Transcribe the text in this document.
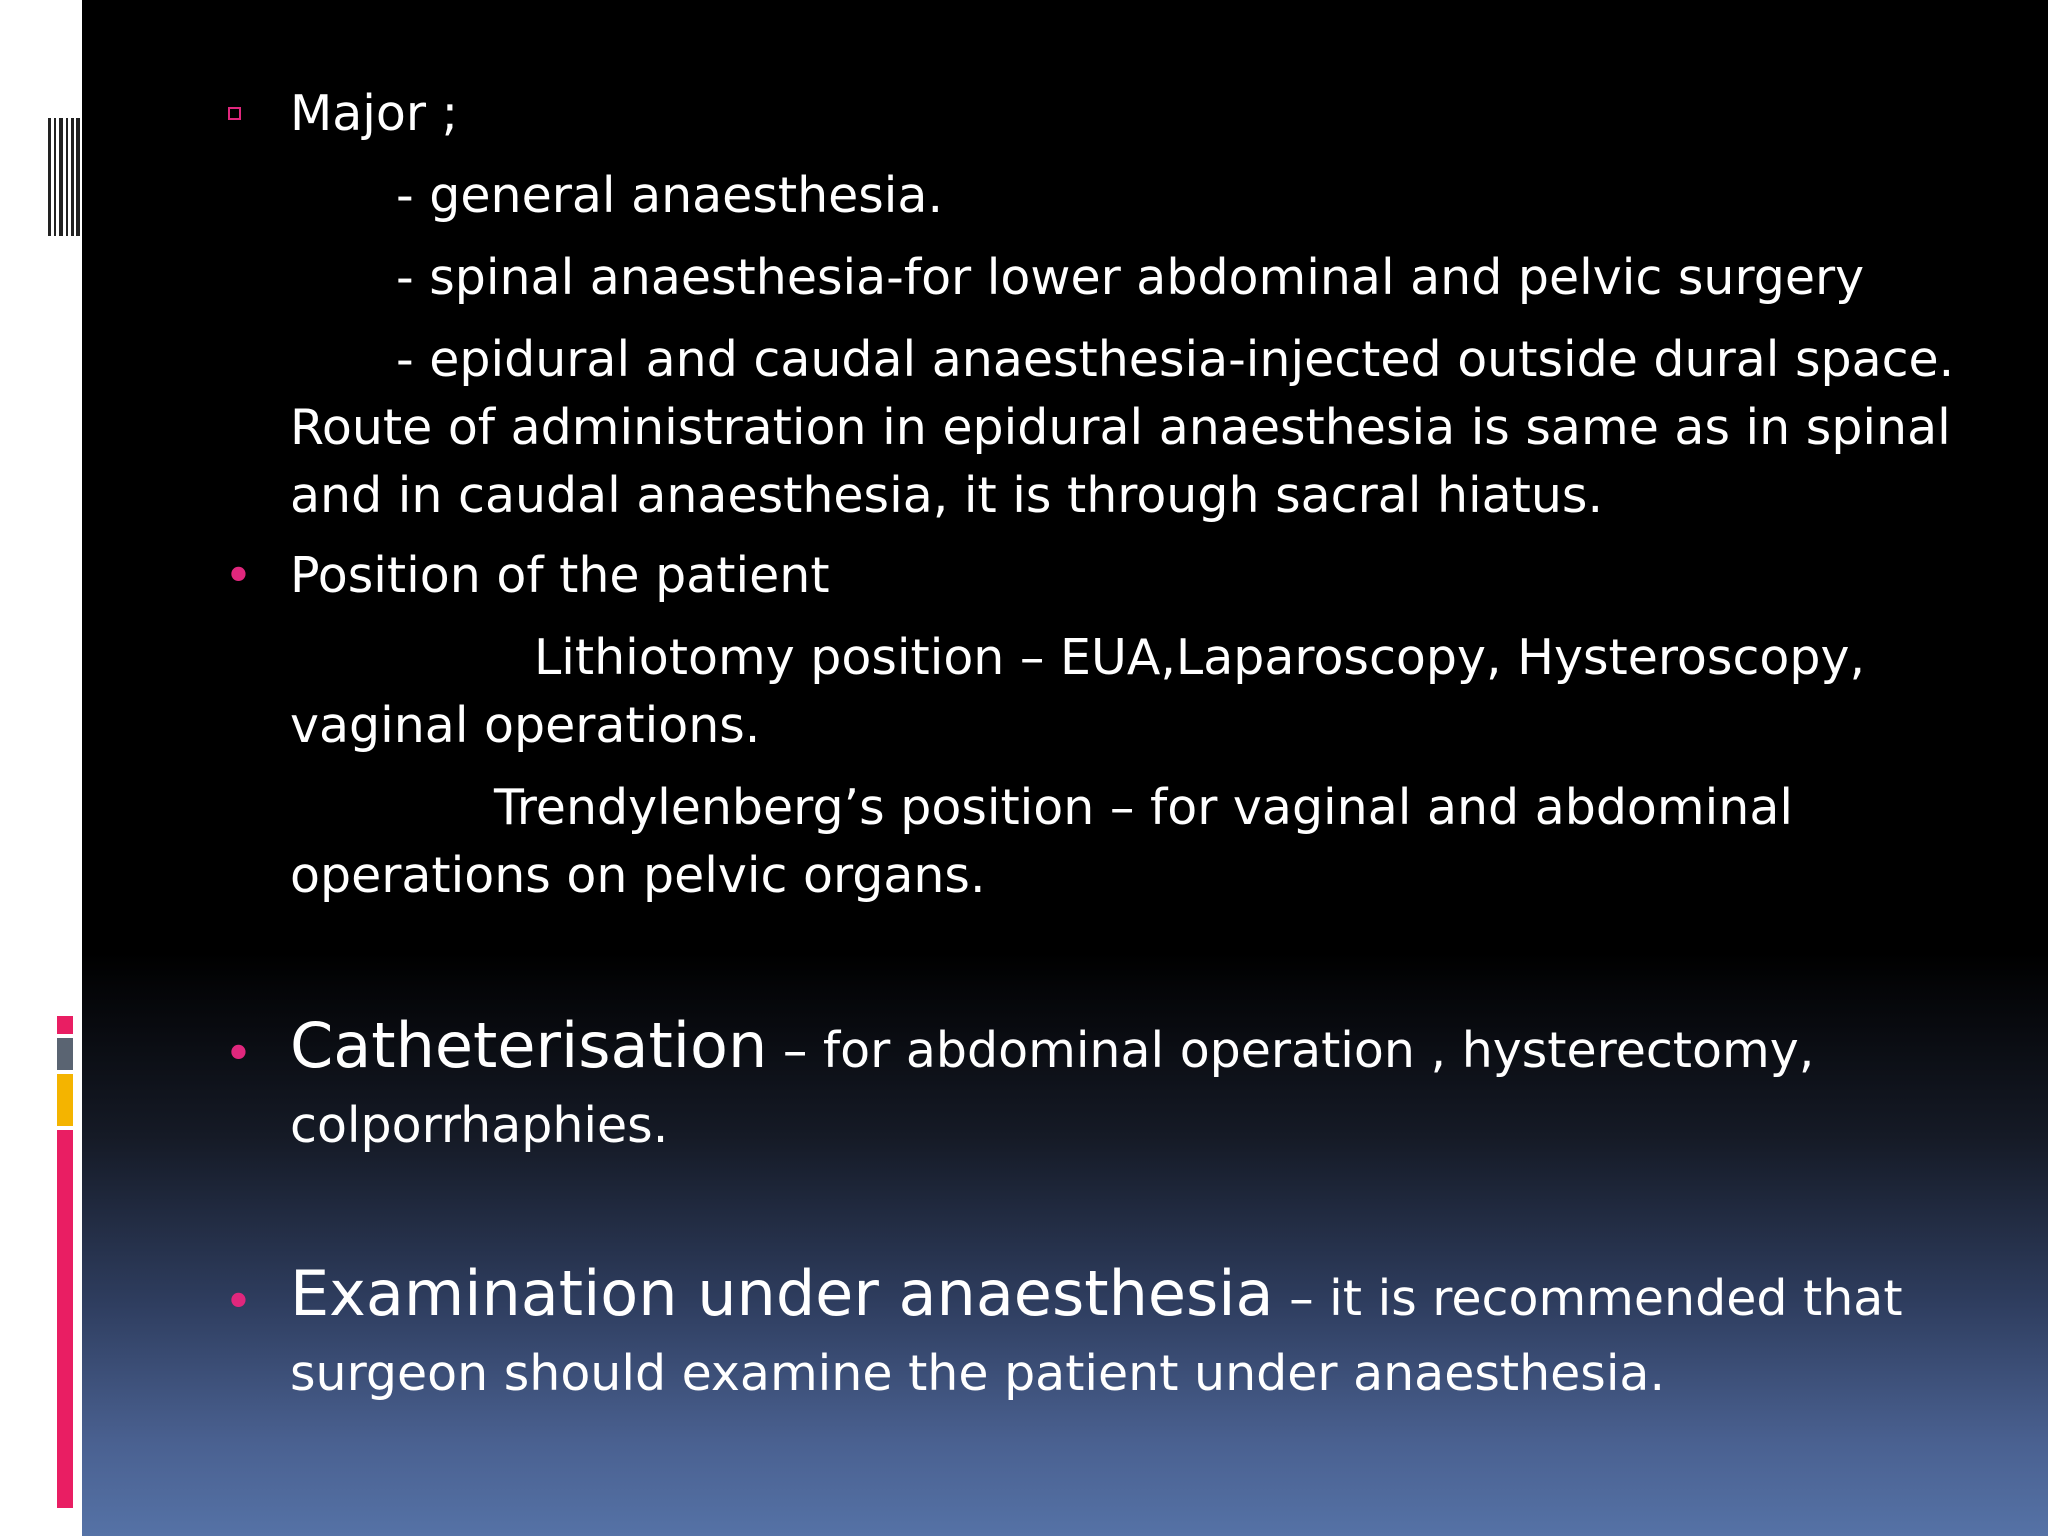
Major ;
- general anaesthesia.
- spinal anaesthesia-for lower abdominal and pelvic surgery
- epidural and caudal anaesthesia-injected outside dural space.
Route of administration in epidural anaesthesia is same as in spinal
and in caudal anaesthesia, it is through sacral hiatus.
• Position of the patient
Lithiotomy position – EUA,Laparoscopy, Hysteroscopy,
vaginal operations.
Trendylenberg’s position – for vaginal and abdominal
operations on pelvic organs.
• Catheterisation – for abdominal operation , hysterectomy,
colporrhaphies.
• Examination under anaesthesia – it is recommended that
surgeon should examine the patient under anaesthesia.
